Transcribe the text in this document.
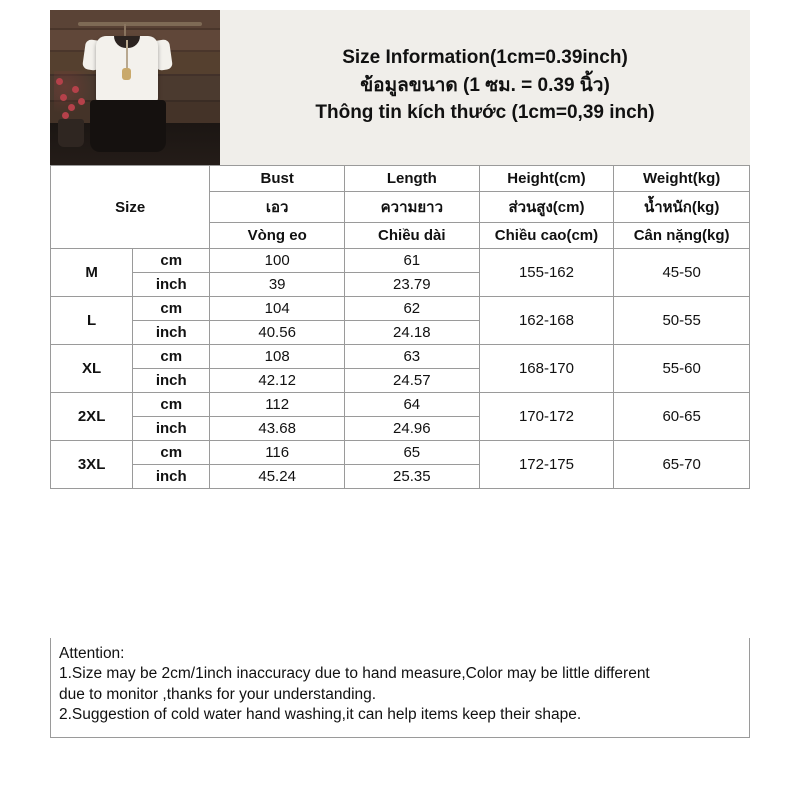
Size Information(1cm=0.39inch)
ข้อมูลขนาด (1 ซม. = 0.39 นิ้ว)
Thông tin kích thước (1cm=0,39 inch)
Size		Bust	Length	Height(cm)	Weight(kg)
		เอว	ความยาว	ส่วนสูง(cm)	น้ำหนัก(kg)
		Vòng eo	Chiều dài	Chiều cao(cm)	Cân nặng(kg)
M	cm	100	61	155-162	45-50
	inch	39	23.79		
L	cm	104	62	162-168	50-55
	inch	40.56	24.18		
XL	cm	108	63	168-170	55-60
	inch	42.12	24.57		
2XL	cm	112	64	170-172	60-65
	inch	43.68	24.96		
3XL	cm	116	65	172-175	65-70
	inch	45.24	25.35		

Attention:

1.Size may be 2cm/1inch inaccuracy due to hand measure,Color may be little different

due to monitor ,thanks for your understanding.

2.Suggestion of cold water hand washing,it can help items keep their shape.
